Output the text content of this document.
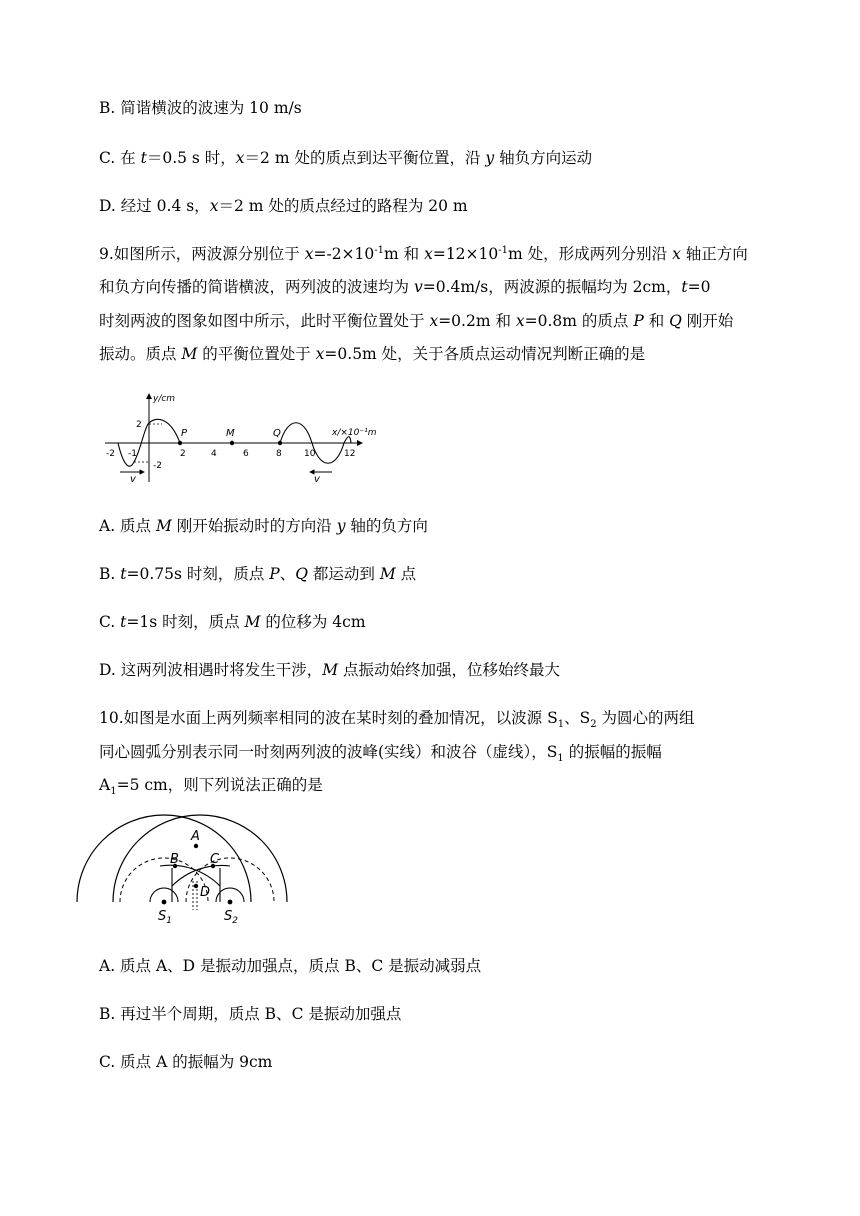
B. 简谐横波的波速为 10 m/s
C. 在 t＝0.5 s 时，x＝2 m 处的质点到达平衡位置，沿 y 轴负方向运动
D. 经过 0.4 s，x＝2 m 处的质点经过的路程为 20 m
9.如图所示，两波源分别位于 $x=-2\times 10^{-1}m$ 和 $x=12\times 10^{-1}m$ 处，形成两列分别沿 x 轴正方向
和负方向传播的简谐横波，两列波的波速均为 v=0.4m/s，两波源的振幅均为 2cm，t=0
时刻两波的图象如图中所示，此时平衡位置处于 x=0.2m 和 x=0.8m 的质点 P 和 Q 刚开始
振动。质点 M 的平衡位置处于 x=0.5m 处，关于各质点运动情况判断正确的是
y/cm
x/×10⁻¹m
P	M	Q
-2 -1	2	4	6	8 10	12
2
-2
v	v
A. 质点 M 刚开始振动时的方向沿 y 轴的负方向
B. t=0.75s 时刻，质点 P、Q 都运动到 M 点
C. t=1s 时刻，质点 M 的位移为 4cm
D. 这两列波相遇时将发生干涉，M 点振动始终加强，位移始终最大
10.如图是水面上两列频率相同的波在某时刻的叠加情况，以波源 $S_1$、$S_2$ 为圆心的两组
同心圆弧分别表示同一时刻两列波的波峰(实线）和波谷（虚线），$S_1$ 的振幅的振幅
$A_1=5$ cm，则下列说法正确的是
A
B C
D
$S_1$	$S_2$
A. 质点 A、D 是振动加强点，质点 B、C 是振动减弱点
B. 再过半个周期，质点 B、C 是振动加强点
C. 质点 A 的振幅为 9cm
